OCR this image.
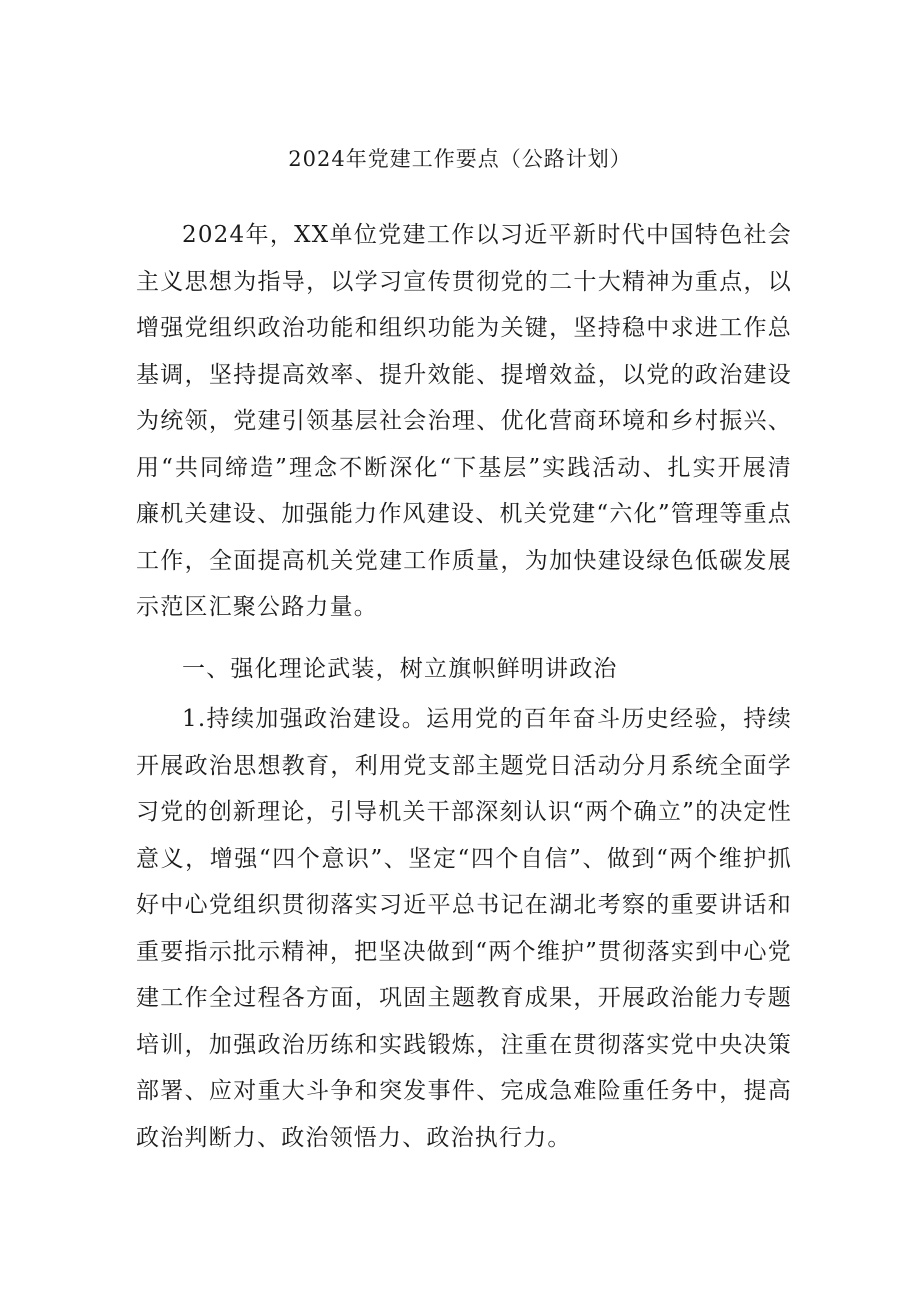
2024年党建工作要点（公路计划）

2024年，XX单位党建工作以习近平新时代中国特色社会主义思想为指导，以学习宣传贯彻党的二十大精神为重点，以增强党组织政治功能和组织功能为关键，坚持稳中求进工作总基调，坚持提高效率、提升效能、提增效益，以党的政治建设为统领，党建引领基层社会治理、优化营商环境和乡村振兴、用“共同缔造”理念不断深化“下基层”实践活动、扎实开展清廉机关建设、加强能力作风建设、机关党建“六化”管理等重点工作，全面提高机关党建工作质量，为加快建设绿色低碳发展示范区汇聚公路力量。

一、强化理论武装，树立旗帜鲜明讲政治

1.持续加强政治建设。运用党的百年奋斗历史经验，持续开展政治思想教育，利用党支部主题党日活动分月系统全面学习党的创新理论，引导机关干部深刻认识“两个确立”的决定性意义，增强“四个意识”、坚定“四个自信”、做到“两个维护抓好中心党组织贯彻落实习近平总书记在湖北考察的重要讲话和重要指示批示精神，把坚决做到“两个维护”贯彻落实到中心党建工作全过程各方面，巩固主题教育成果，开展政治能力专题培训，加强政治历练和实践锻炼，注重在贯彻落实党中央决策部署、应对重大斗争和突发事件、完成急难险重任务中，提高政治判断力、政治领悟力、政治执行力。
